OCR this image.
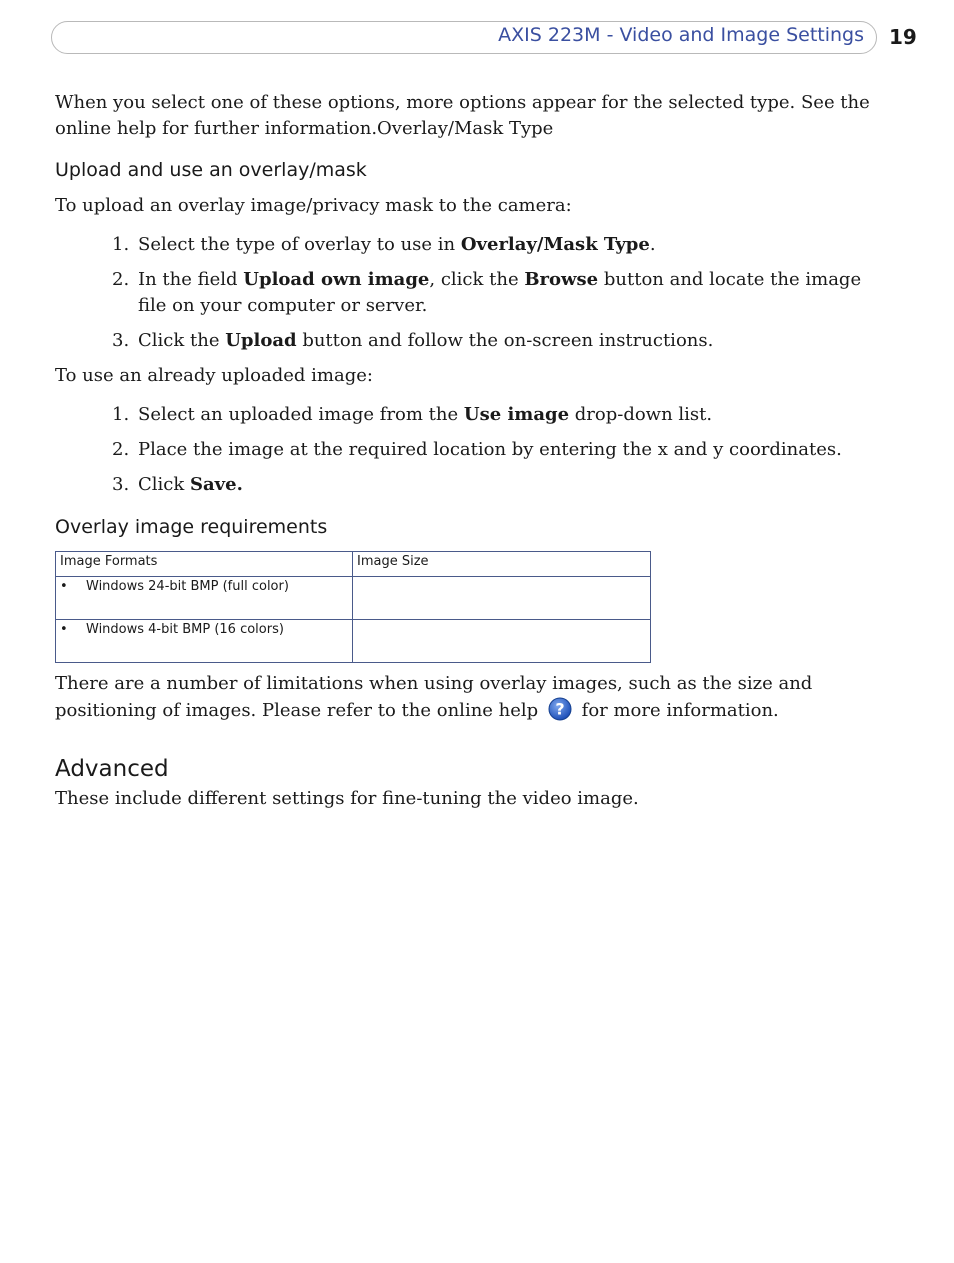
AXIS 223M - Video and Image Settings 19

When you select one of these options, more options appear for the selected type. See the online help for further information.Overlay/Mask Type

Upload and use an overlay/mask

To upload an overlay image/privacy mask to the camera:

1. Select the type of overlay to use in Overlay/Mask Type.
2. In the field Upload own image, click the Browse button and locate the image file on your computer or server.
3. Click the Upload button and follow the on-screen instructions.

To use an already uploaded image:

1. Select an uploaded image from the Use image drop-down list.
2. Place the image at the required location by entering the x and y coordinates.
3. Click Save.
Overlay image requirements
Image Formats	Image Size
• Windows 24-bit BMP (full color)	
• Windows 4-bit BMP (16 colors)	

There are a number of limitations when using overlay images, such as the size and positioning of images. Please refer to the online help ? for more information.

Advanced

These include different settings for fine-tuning the video image.
